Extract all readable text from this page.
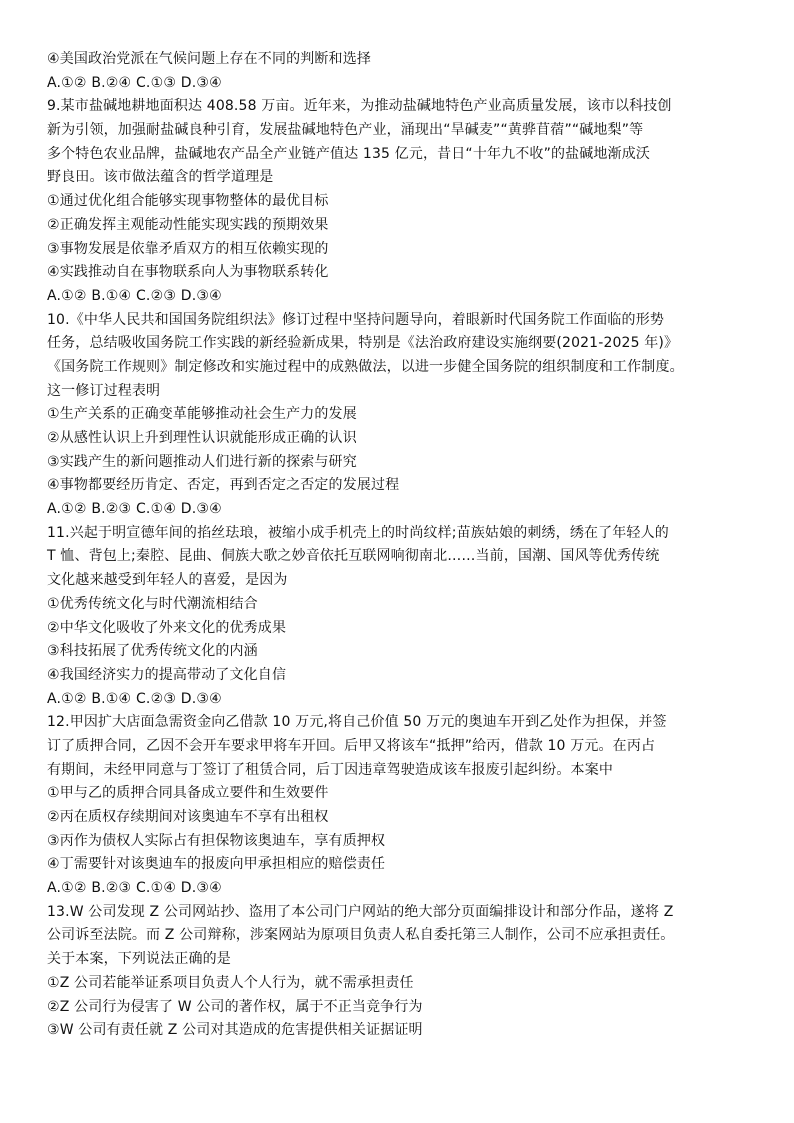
④美国政治党派在气候问题上存在不同的判断和选择
A.①② B.②④ C.①③ D.③④
9.某市盐碱地耕地面积达 408.58 万亩。近年来，为推动盐碱地特色产业高质量发展，该市以科技创
新为引领，加强耐盐碱良种引育，发展盐碱地特色产业，涌现出“旱碱麦”“黄骅苜蓿”“碱地梨”等
多个特色农业品牌，盐碱地农产品全产业链产值达 135 亿元，昔日“十年九不收”的盐碱地渐成沃
野良田。该市做法蕴含的哲学道理是
①通过优化组合能够实现事物整体的最优目标
②正确发挥主观能动性能实现实践的预期效果
③事物发展是依靠矛盾双方的相互依赖实现的
④实践推动自在事物联系向人为事物联系转化
A.①② B.①④ C.②③ D.③④
10.《中华人民共和国国务院组织法》修订过程中坚持问题导向，着眼新时代国务院工作面临的形势
任务，总结吸收国务院工作实践的新经验新成果，特别是《法治政府建设实施纲要(2021-2025 年)》
《国务院工作规则》制定修改和实施过程中的成熟做法，以进一步健全国务院的组织制度和工作制度。
这一修订过程表明
①生产关系的正确变革能够推动社会生产力的发展
②从感性认识上升到理性认识就能形成正确的认识
③实践产生的新问题推动人们进行新的探索与研究
④事物都要经历肯定、否定，再到否定之否定的发展过程
A.①② B.②③ C.①④ D.③④
11.兴起于明宣德年间的掐丝珐琅，被缩小成手机壳上的时尚纹样;苗族姑娘的刺绣，绣在了年轻人的
T 恤、背包上;秦腔、昆曲、侗族大歌之妙音依托互联网响彻南北……当前，国潮、国风等优秀传统
文化越来越受到年轻人的喜爱，是因为
①优秀传统文化与时代潮流相结合
②中华文化吸收了外来文化的优秀成果
③科技拓展了优秀传统文化的内涵
④我国经济实力的提高带动了文化自信
A.①② B.①④ C.②③ D.③④
12.甲因扩大店面急需资金向乙借款 10 万元,将自己价值 50 万元的奥迪车开到乙处作为担保，并签
订了质押合同，乙因不会开车要求甲将车开回。后甲又将该车“抵押”给丙，借款 10 万元。在丙占
有期间，未经甲同意与丁签订了租赁合同，后丁因违章驾驶造成该车报废引起纠纷。本案中
①甲与乙的质押合同具备成立要件和生效要件
②丙在质权存续期间对该奥迪车不享有出租权
③丙作为债权人实际占有担保物该奥迪车，享有质押权
④丁需要针对该奥迪车的报废向甲承担相应的赔偿责任
A.①② B.②③ C.①④ D.③④
13.W 公司发现 Z 公司网站抄、盗用了本公司门户网站的绝大部分页面编排设计和部分作品，遂将 Z
公司诉至法院。而 Z 公司辩称，涉案网站为原项目负责人私自委托第三人制作，公司不应承担责任。
关于本案，下列说法正确的是
①Z 公司若能举证系项目负责人个人行为，就不需承担责任
②Z 公司行为侵害了 W 公司的著作权，属于不正当竞争行为
③W 公司有责任就 Z 公司对其造成的危害提供相关证据证明
